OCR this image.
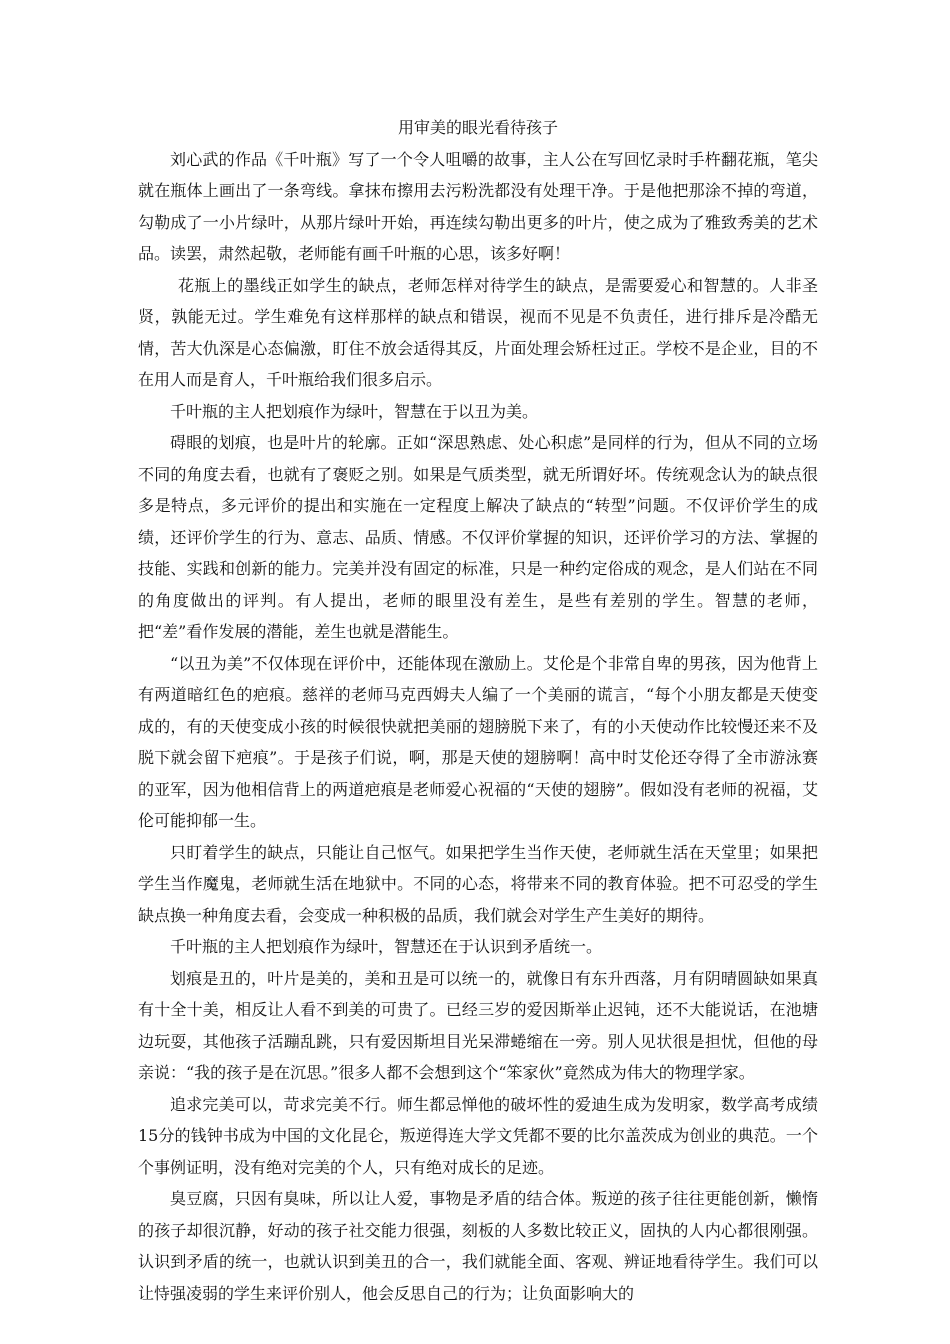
用审美的眼光看待孩子

刘心武的作品《千叶瓶》写了一个令人咀嚼的故事，主人公在写回忆录时手杵翻花瓶，笔尖就在瓶体上画出了一条弯线。拿抹布擦用去污粉洗都没有处理干净。于是他把那涂不掉的弯道，勾勒成了一小片绿叶，从那片绿叶开始，再连续勾勒出更多的叶片，使之成为了雅致秀美的艺术品。读罢，肃然起敬，老师能有画千叶瓶的心思，该多好啊！

花瓶上的墨线正如学生的缺点，老师怎样对待学生的缺点，是需要爱心和智慧的。人非圣贤，孰能无过。学生难免有这样那样的缺点和错误，视而不见是不负责任，进行排斥是冷酷无情，苦大仇深是心态偏激，盯住不放会适得其反，片面处理会矫枉过正。学校不是企业，目的不在用人而是育人，千叶瓶给我们很多启示。

千叶瓶的主人把划痕作为绿叶，智慧在于以丑为美。

碍眼的划痕，也是叶片的轮廓。正如“深思熟虑、处心积虑”是同样的行为，但从不同的立场不同的角度去看，也就有了褒贬之别。如果是气质类型，就无所谓好坏。传统观念认为的缺点很多是特点，多元评价的提出和实施在一定程度上解决了缺点的“转型”问题。不仅评价学生的成绩，还评价学生的行为、意志、品质、情感。不仅评价掌握的知识，还评价学习的方法、掌握的技能、实践和创新的能力。完美并没有固定的标准，只是一种约定俗成的观念，是人们站在不同的角度做出的评判。有人提出，老师的眼里没有差生，是些有差别的学生。智慧的老师，把“差”看作发展的潜能，差生也就是潜能生。

“以丑为美”不仅体现在评价中，还能体现在激励上。艾伦是个非常自卑的男孩，因为他背上有两道暗红色的疤痕。慈祥的老师马克西姆夫人编了一个美丽的谎言，“每个小朋友都是天使变成的，有的天使变成小孩的时候很快就把美丽的翅膀脱下来了，有的小天使动作比较慢还来不及脱下就会留下疤痕”。于是孩子们说，啊，那是天使的翅膀啊！高中时艾伦还夺得了全市游泳赛的亚军，因为他相信背上的两道疤痕是老师爱心祝福的“天使的翅膀”。假如没有老师的祝福，艾伦可能抑郁一生。

只盯着学生的缺点，只能让自己怄气。如果把学生当作天使，老师就生活在天堂里；如果把学生当作魔鬼，老师就生活在地狱中。不同的心态，将带来不同的教育体验。把不可忍受的学生缺点换一种角度去看，会变成一种积极的品质，我们就会对学生产生美好的期待。

千叶瓶的主人把划痕作为绿叶，智慧还在于认识到矛盾统一。

划痕是丑的，叶片是美的，美和丑是可以统一的，就像日有东升西落，月有阴晴圆缺如果真有十全十美，相反让人看不到美的可贵了。已经三岁的爱因斯举止迟钝，还不大能说话，在池塘边玩耍，其他孩子活蹦乱跳，只有爱因斯坦目光呆滞蜷缩在一旁。别人见状很是担忧，但他的母亲说：“我的孩子是在沉思。”很多人都不会想到这个“笨家伙”竟然成为伟大的物理学家。

追求完美可以，苛求完美不行。师生都忌惮他的破坏性的爱迪生成为发明家，数学高考成绩15分的钱钟书成为中国的文化昆仑，叛逆得连大学文凭都不要的比尔盖茨成为创业的典范。一个个事例证明，没有绝对完美的个人，只有绝对成长的足迹。

臭豆腐，只因有臭味，所以让人爱，事物是矛盾的结合体。叛逆的孩子往往更能创新，懒惰的孩子却很沉静，好动的孩子社交能力很强，刻板的人多数比较正义，固执的人内心都很刚强。认识到矛盾的统一，也就认识到美丑的合一，我们就能全面、客观、辨证地看待学生。我们可以让恃强凌弱的学生来评价别人，他会反思自己的行为；让负面影响大的
